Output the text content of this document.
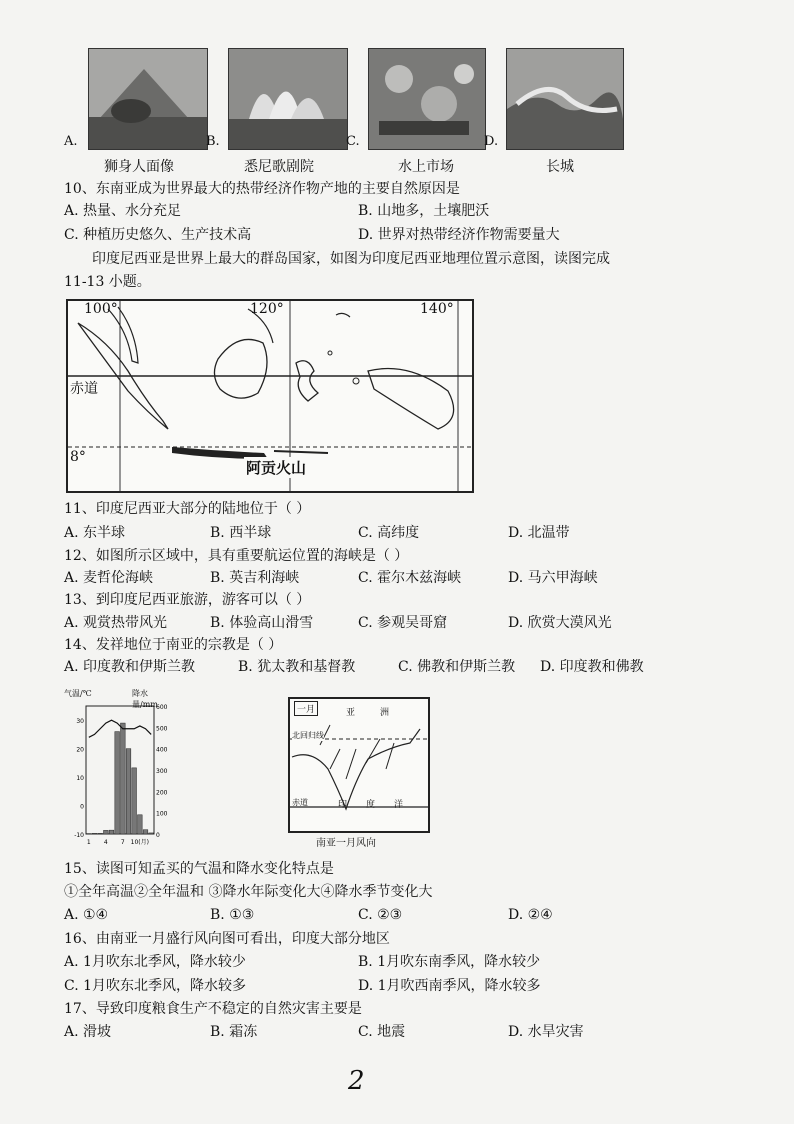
A.	B.	C.	D.
狮身人面像	悉尼歌剧院	水上市场	长城
10、东南亚成为世界最大的热带经济作物产地的主要自然原因是
A. 热量、水分充足	B. 山地多，土壤肥沃
C. 种植历史悠久、生产技术高	D. 世界对热带经济作物需要量大
印度尼西亚是世界上最大的群岛国家，如图为印度尼西亚地理位置示意图，读图完成
11-13 小题。
100°	120°	140°
赤道
8°
阿贡火山
11、印度尼西亚大部分的陆地位于（ ）
A. 东半球	B. 西半球	C. 高纬度	D. 北温带
12、如图所示区域中，具有重要航运位置的海峡是（ ）
A. 麦哲伦海峡	B. 英吉利海峡	C. 霍尔木兹海峡	D. 马六甲海峡
13、到印度尼西亚旅游，游客可以（ ）
A. 观赏热带风光	B. 体验高山滑雪	C. 参观吴哥窟	D. 欣赏大漠风光
14、发祥地位于南亚的宗教是（ ）
A. 印度教和伊斯兰教	B. 犹太教和基督教	C. 佛教和伊斯兰教 D. 印度教和佛教
气温/℃	降水量/mm
30
20
10
0
-10
600
500
400
300
200
100
0
1 4 7 10(月)
一月	亚	洲
北回归线
赤道	印 度 洋
南亚一月风向
15、读图可知孟买的气温和降水变化特点是
①全年高温②全年温和 ③降水年际变化大④降水季节变化大
A. ①④	B. ①③	C. ②③	D. ②④
16、由南亚一月盛行风向图可看出，印度大部分地区
A. 1月吹东北季风，降水较少	B. 1月吹东南季风，降水较少
C. 1月吹东北季风，降水较多	D. 1月吹西南季风，降水较多
17、导致印度粮食生产不稳定的自然灾害主要是
A. 滑坡	B. 霜冻	C. 地震	D. 水旱灾害
2
